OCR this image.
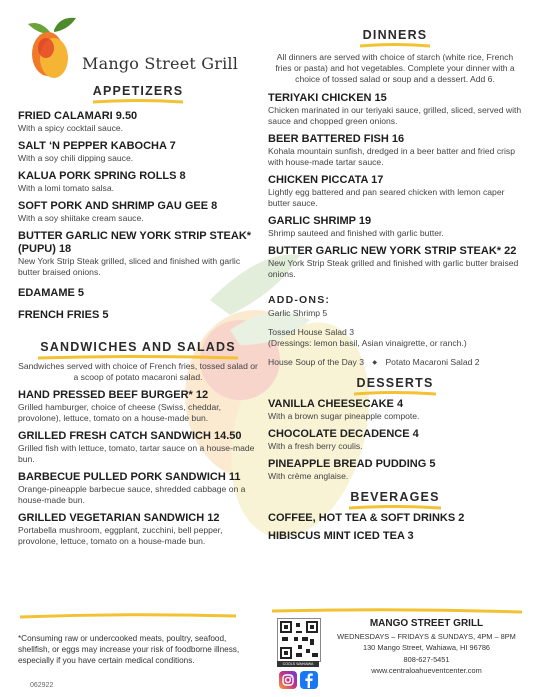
Mango Street Grill
APPETIZERS
FRIED CALAMARI 9.50
With a spicy cocktail sauce.
SALT ‘N PEPPER KABOCHA 7
With a soy chili dipping sauce.
KALUA PORK SPRING ROLLS 8
With a lomi tomato salsa.
SOFT PORK AND SHRIMP GAU GEE 8
With a soy shiitake cream sauce.
BUTTER GARLIC NEW YORK STRIP STEAK* (PUPU) 18
New York Strip Steak grilled, sliced and finished with garlic butter braised onions.
EDAMAME 5
FRENCH FRIES 5
SANDWICHES AND SALADS
Sandwiches served with choice of French fries, tossed salad or a scoop of potato macaroni salad.
HAND PRESSED BEEF BURGER* 12
Grilled hamburger, choice of cheese (Swiss, cheddar, provolone), lettuce, tomato on a house-made bun.
GRILLED FRESH CATCH SANDWICH 14.50
Grilled fish with lettuce, tomato, tartar sauce on a house-made bun.
BARBECUE PULLED PORK SANDWICH 11
Orange-pineapple barbecue sauce, shredded cabbage on a house-made bun.
GRILLED VEGETARIAN SANDWICH 12
Portabella mushroom, eggplant, zucchini, bell pepper, provolone, lettuce, tomato on a house-made bun.
DINNERS
All dinners are served with choice of starch (white rice, French fries or pasta) and hot vegetables. Complete your dinner with a choice of tossed salad or soup and a dessert. Add 6.
TERIYAKI CHICKEN 15
Chicken marinated in our teriyaki sauce, grilled, sliced, served with sauce and chopped green onions.
BEER BATTERED FISH 16
Kohala mountain sunfish, dredged in a beer batter and fried crisp with house-made tartar sauce.
CHICKEN PICCATA 17
Lightly egg battered and pan seared chicken with lemon caper butter sauce.
GARLIC SHRIMP 19
Shrimp sauteed and finished with garlic butter.
BUTTER GARLIC NEW YORK STRIP STEAK* 22
New York Strip Steak grilled and finished with garlic butter braised onions.
ADD-ONS:
Garlic Shrimp 5
Tossed House Salad 3
(Dressings: lemon basil, Asian vinaigrette, or ranch.)
House Soup of the Day 3 ◆ Potato Macaroni Salad 2
DESSERTS
VANILLA CHEESECAKE 4
With a brown sugar pineapple compote.
CHOCOLATE DECADENCE 4
With a fresh berry coulis.
PINEAPPLE BREAD PUDDING 5
With crème anglaise.
BEVERAGES
COFFEE, HOT TEA & SOFT DRINKS 2
HIBISCUS MINT ICED TEA 3
*Consuming raw or undercooked meats, poultry, seafood, shellfish, or eggs may increase your risk of foodborne illness, especially if you have certain medical conditions.
062922
COOLS WAHIAWA
MANGO STREET GRILL
WEDNESDAYS – FRIDAYS & SUNDAYS, 4PM – 8PM
130 Mango Street, Wahiawa, HI 96786
808-627-5451
www.centraloahueventcenter.com
